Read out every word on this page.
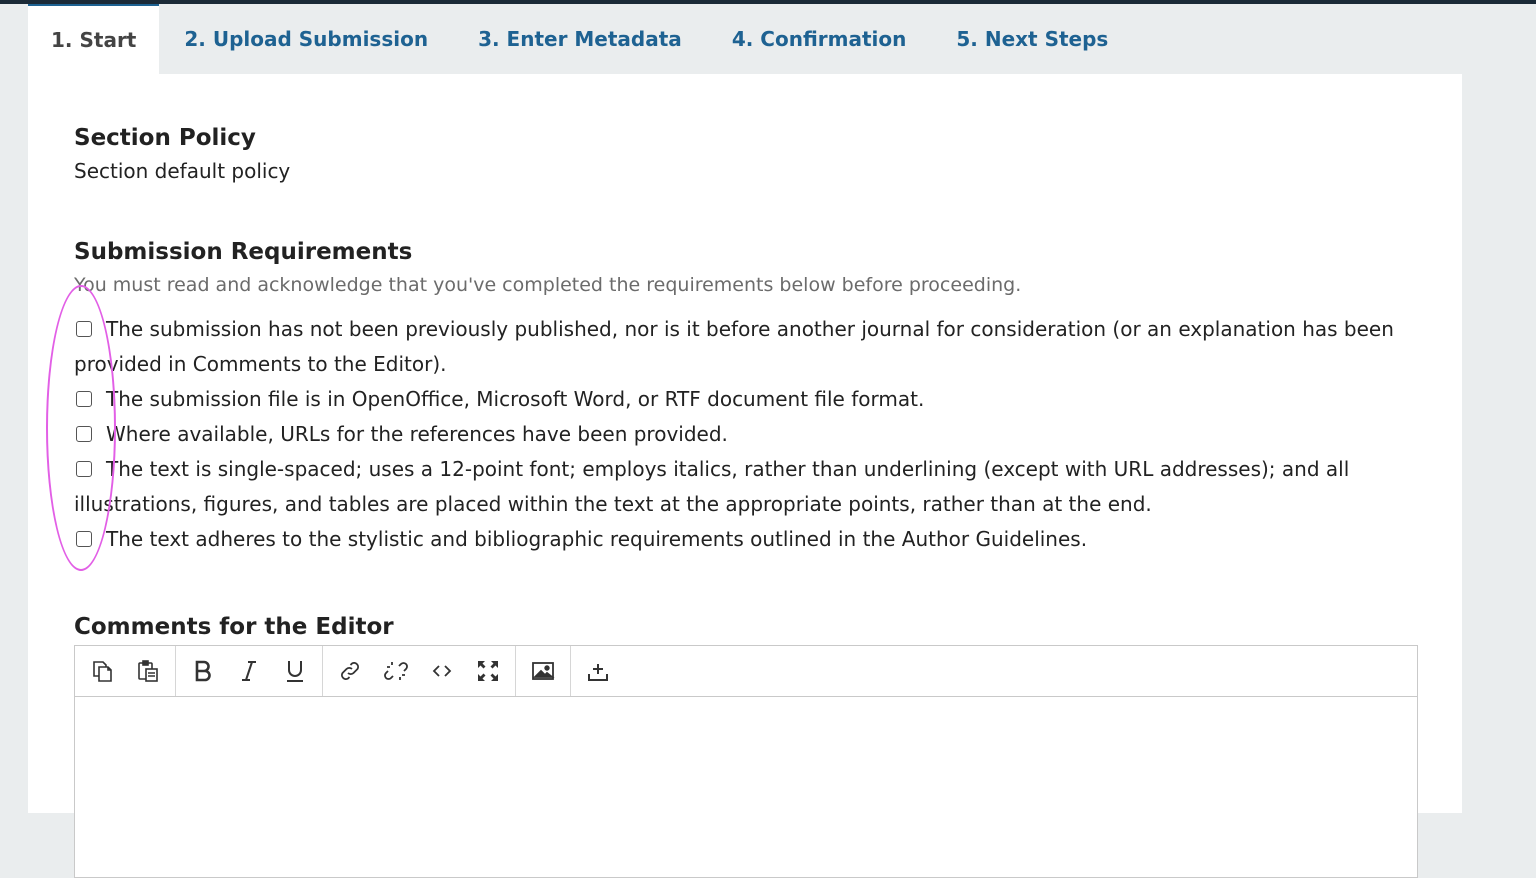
1. Start	2. Upload Submission	3. Enter Metadata	4. Confirmation	5. Next Steps
Section Policy

Section default policy

Submission Requirements

You must read and acknowledge that you've completed the requirements below before proceeding.

The submission has not been previously published, nor is it before another journal for consideration (or an explanation has been provided in Comments to the Editor).
The submission file is in OpenOffice, Microsoft Word, or RTF document file format.
Where available, URLs for the references have been provided.
The text is single-spaced; uses a 12-point font; employs italics, rather than underlining (except with URL addresses); and all illustrations, figures, and tables are placed within the text at the appropriate points, rather than at the end.
The text adheres to the stylistic and bibliographic requirements outlined in the Author Guidelines.
Comments for the Editor
